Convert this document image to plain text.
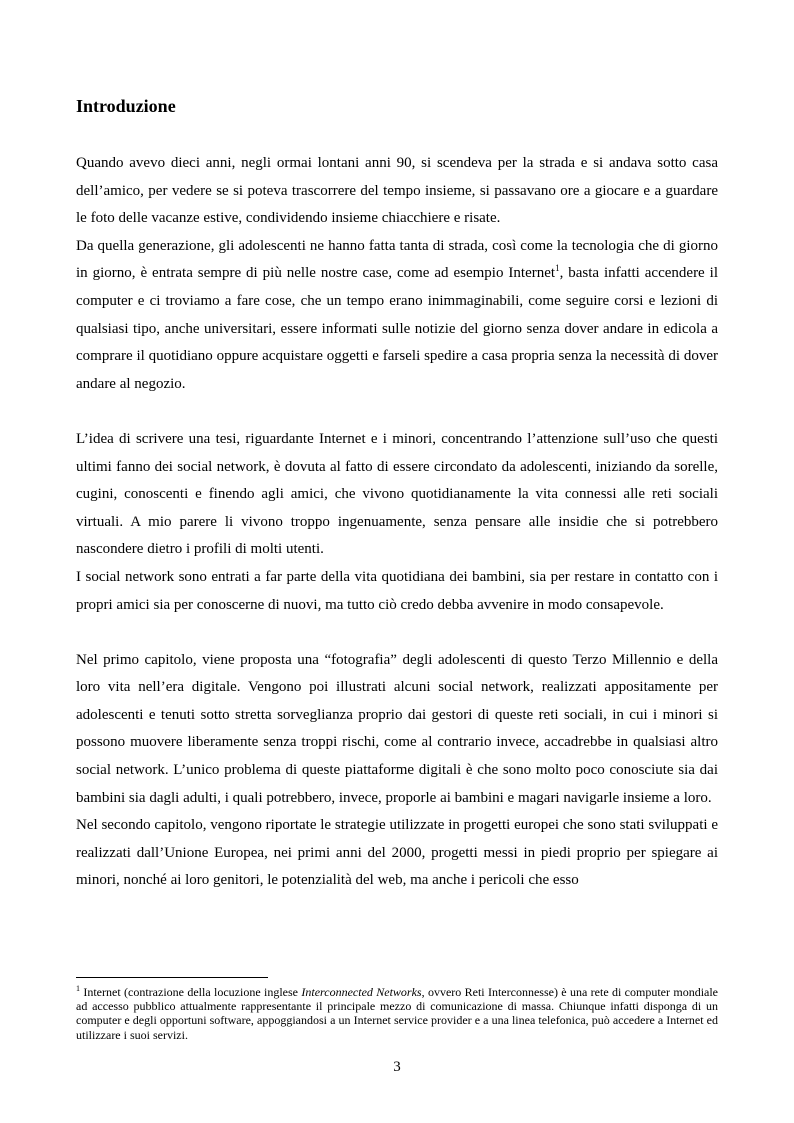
Introduzione

Quando avevo dieci anni, negli ormai lontani anni 90, si scendeva per la strada e si andava sotto casa dell’amico, per vedere se si poteva trascorrere del tempo insieme, si passavano ore a giocare e a guardare le foto delle vacanze estive, condividendo insieme chiacchiere e risate.

Da quella generazione, gli adolescenti ne hanno fatta tanta di strada, così come la tecnologia che di giorno in giorno, è entrata sempre di più nelle nostre case, come ad esempio Internet$^1$, basta infatti accendere il computer e ci troviamo a fare cose, che un tempo erano inimmaginabili, come seguire corsi e lezioni di qualsiasi tipo, anche universitari, essere informati sulle notizie del giorno senza dover andare in edicola a comprare il quotidiano oppure acquistare oggetti e farseli spedire a casa propria senza la necessità di dover andare al negozio.

L’idea di scrivere una tesi, riguardante Internet e i minori, concentrando l’attenzione sull’uso che questi ultimi fanno dei social network, è dovuta al fatto di essere circondato da adolescenti, iniziando da sorelle, cugini, conoscenti e finendo agli amici, che vivono quotidianamente la vita connessi alle reti sociali virtuali. A mio parere li vivono troppo ingenuamente, senza pensare alle insidie che si potrebbero nascondere dietro i profili di molti utenti.

I social network sono entrati a far parte della vita quotidiana dei bambini, sia per restare in contatto con i propri amici sia per conoscerne di nuovi, ma tutto ciò credo debba avvenire in modo consapevole.

Nel primo capitolo, viene proposta una “fotografia” degli adolescenti di questo Terzo Millennio e della loro vita nell’era digitale. Vengono poi illustrati alcuni social network, realizzati appositamente per adolescenti e tenuti sotto stretta sorveglianza proprio dai gestori di queste reti sociali, in cui i minori si possono muovere liberamente senza troppi rischi, come al contrario invece, accadrebbe in qualsiasi altro social network. L’unico problema di queste piattaforme digitali è che sono molto poco conosciute sia dai bambini sia dagli adulti, i quali potrebbero, invece, proporle ai bambini e magari navigarle insieme a loro.

Nel secondo capitolo, vengono riportate le strategie utilizzate in progetti europei che sono stati sviluppati e realizzati dall’Unione Europea, nei primi anni del 2000, progetti messi in piedi proprio per spiegare ai minori, nonché ai loro genitori, le potenzialità del web, ma anche i pericoli che esso

$^1$ Internet (contrazione della locuzione inglese Interconnected Networks, ovvero Reti Interconnesse) è una rete di computer mondiale ad accesso pubblico attualmente rappresentante il principale mezzo di comunicazione di massa. Chiunque infatti disponga di un computer e degli opportuni software, appoggiandosi a un Internet service provider e a una linea telefonica, può accedere a Internet ed utilizzare i suoi servizi.

3
